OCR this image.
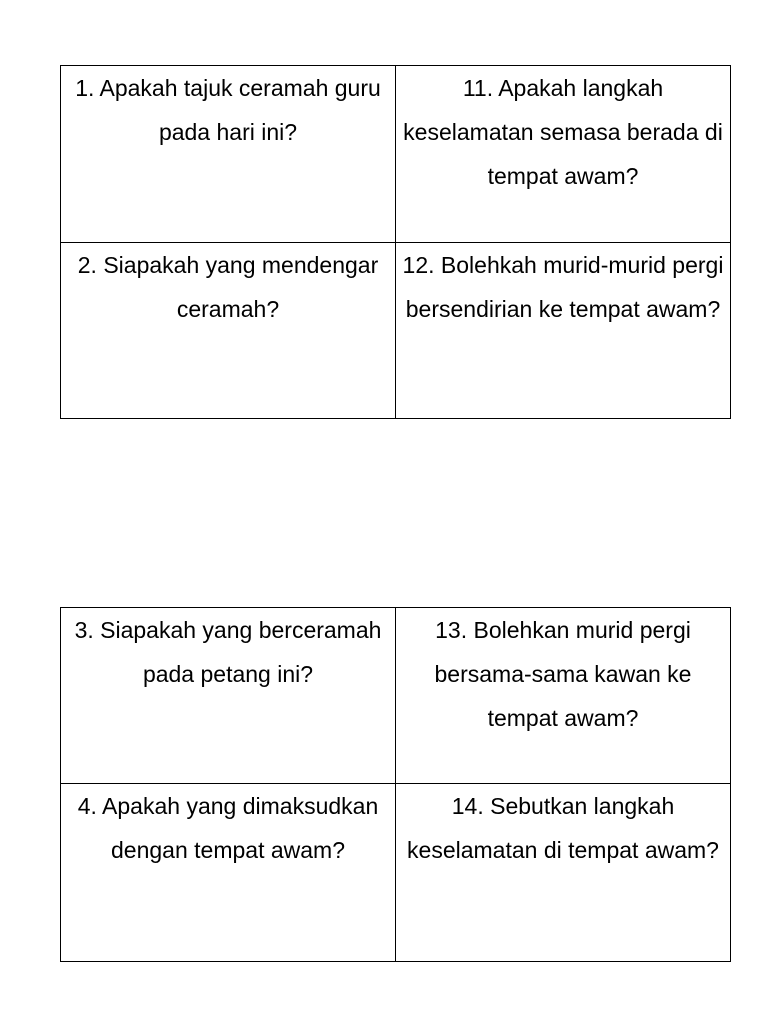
1. Apakah tajuk ceramah guru pada hari ini?	11. Apakah langkah keselamatan semasa berada di tempat awam?

2. Siapakah yang mendengar ceramah?	12. Bolehkah murid-murid pergi bersendirian ke tempat awam?
3. Siapakah yang berceramah pada petang ini?	13. Bolehkan murid pergi bersama-sama kawan ke tempat awam?

4. Apakah yang dimaksudkan dengan tempat awam?	14. Sebutkan langkah keselamatan di tempat awam?
